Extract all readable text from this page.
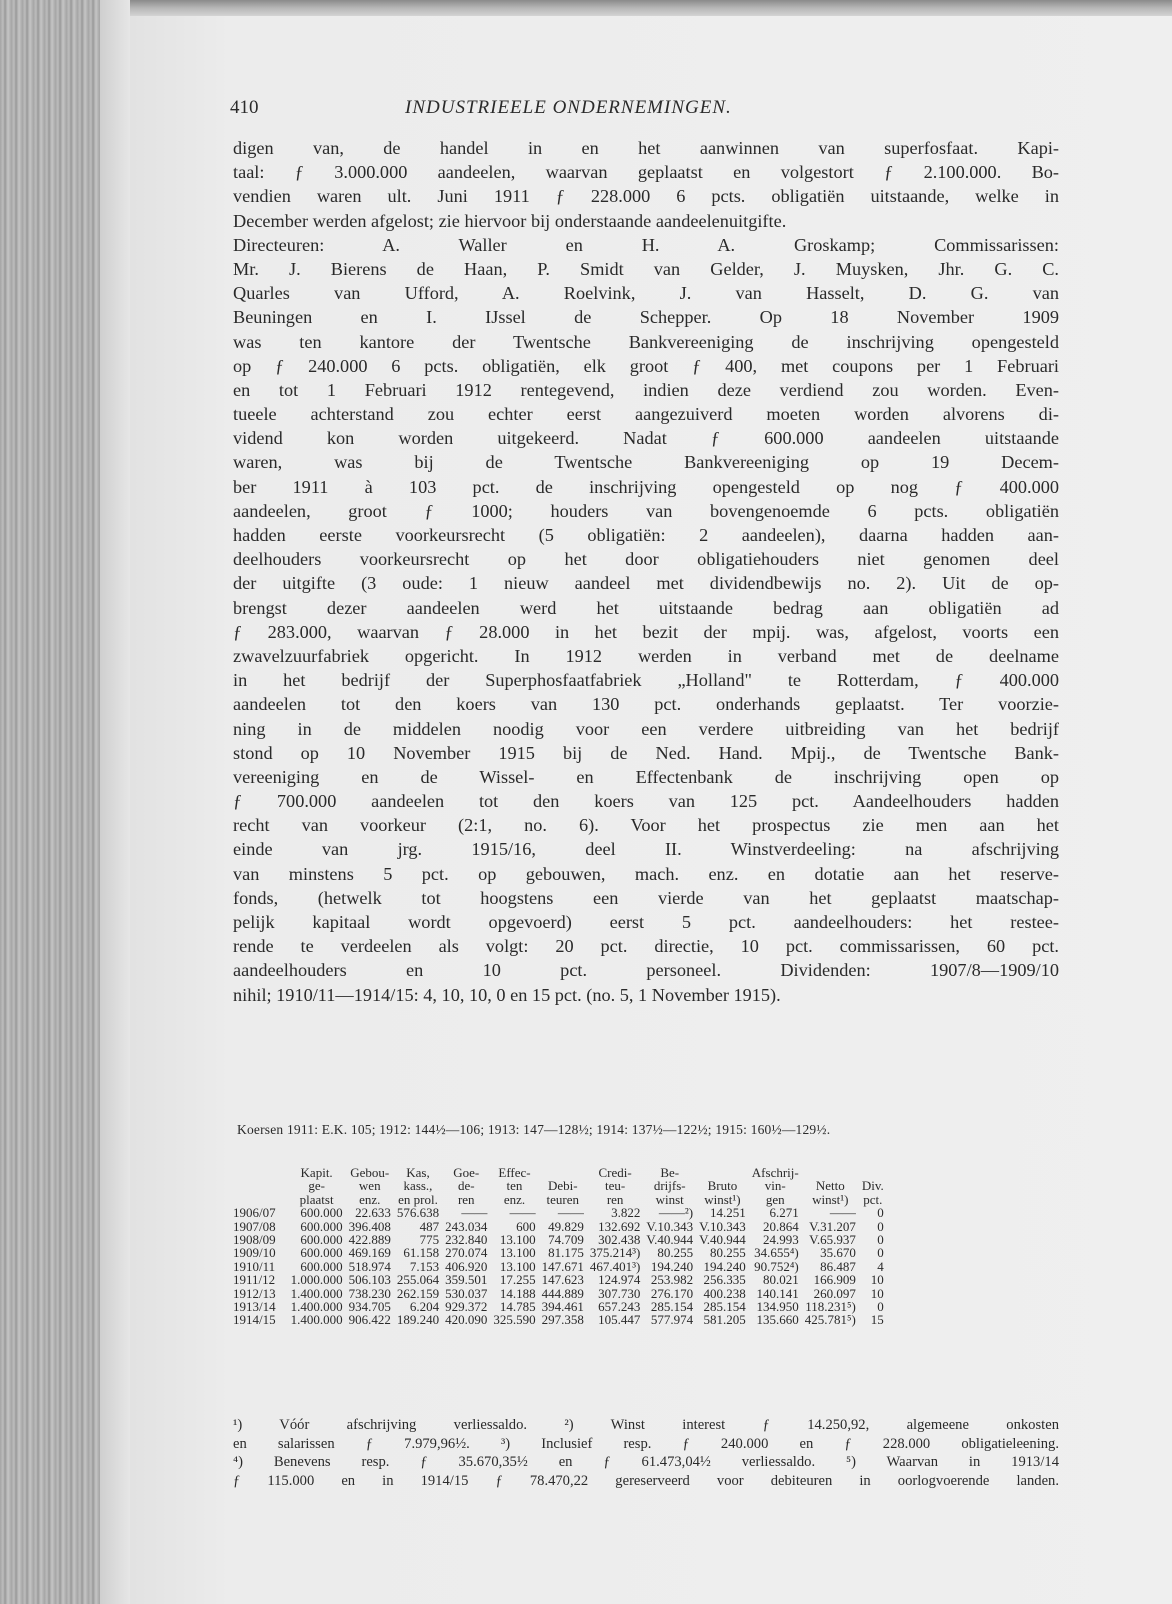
410	INDUSTRIEELE ONDERNEMINGEN.
digen van, de handel in en het aanwinnen van superfosfaat. Kapi-
taal: ƒ 3.000.000 aandeelen, waarvan geplaatst en volgestort ƒ 2.100.000. Bo-
vendien waren ult. Juni 1911 ƒ 228.000 6 pcts. obligatiën uitstaande, welke in
December werden afgelost; zie hiervoor bij onderstaande aandeelenuitgifte.
Directeuren: A. Waller en H. A. Groskamp; Commissarissen:
Mr. J. Bierens de Haan, P. Smidt van Gelder, J. Muysken, Jhr. G. C.
Quarles van Ufford, A. Roelvink, J. van Hasselt, D. G. van
Beuningen en I. IJssel de Schepper. Op 18 November 1909
was ten kantore der Twentsche Bankvereeniging de inschrijving opengesteld
op ƒ 240.000 6 pcts. obligatiën, elk groot ƒ 400, met coupons per 1 Februari
en tot 1 Februari 1912 rentegevend, indien deze verdiend zou worden. Even-
tueele achterstand zou echter eerst aangezuiverd moeten worden alvorens di-
vidend kon worden uitgekeerd. Nadat ƒ 600.000 aandeelen uitstaande
waren, was bij de Twentsche Bankvereeniging op 19 Decem-
ber 1911 à 103 pct. de inschrijving opengesteld op nog ƒ 400.000
aandeelen, groot ƒ 1000; houders van bovengenoemde 6 pcts. obligatiën
hadden eerste voorkeursrecht (5 obligatiën: 2 aandeelen), daarna hadden aan-
deelhouders voorkeursrecht op het door obligatiehouders niet genomen deel
der uitgifte (3 oude: 1 nieuw aandeel met dividendbewijs no. 2). Uit de op-
brengst dezer aandeelen werd het uitstaande bedrag aan obligatiën ad
ƒ 283.000, waarvan ƒ 28.000 in het bezit der mpij. was, afgelost, voorts een
zwavelzuurfabriek opgericht. In 1912 werden in verband met de deelname
in het bedrijf der Superphosfaatfabriek „Holland" te Rotterdam, ƒ 400.000
aandeelen tot den koers van 130 pct. onderhands geplaatst. Ter voorzie-
ning in de middelen noodig voor een verdere uitbreiding van het bedrijf
stond op 10 November 1915 bij de Ned. Hand. Mpij., de Twentsche Bank-
vereeniging en de Wissel- en Effectenbank de inschrijving open op
ƒ 700.000 aandeelen tot den koers van 125 pct. Aandeelhouders hadden
recht van voorkeur (2:1, no. 6). Voor het prospectus zie men aan het
einde van jrg. 1915/16, deel II. Winstverdeeling: na afschrijving
van minstens 5 pct. op gebouwen, mach. enz. en dotatie aan het reserve-
fonds, (hetwelk tot hoogstens een vierde van het geplaatst maatschap-
pelijk kapitaal wordt opgevoerd) eerst 5 pct. aandeelhouders: het restee-
rende te verdeelen als volgt: 20 pct. directie, 10 pct. commissarissen, 60 pct.
aandeelhouders en 10 pct. personeel. Dividenden: 1907/8—1909/10
nihil; 1910/11—1914/15: 4, 10, 10, 0 en 15 pct. (no. 5, 1 November 1915).
Koersen 1911: E.K. 105; 1912: 144½—106; 1913: 147—128½; 1914: 137½—122½; 1915: 160½—129½.
	Kapit.	Gebou-	Kas,	Goe-	Effec-		Credi-	Be-		Afschrij-		
	ge-	wen	kass.,	de-	ten	Debi-	teu-	drijfs-	Bruto	vin-	Netto	Div.
	plaatst	enz.	en prol.	ren	enz.	teuren	ren	winst	winst¹)	gen	winst¹)	pct.
1906/07	600.000	22.633	576.638	——	——	——	3.822	——²)	14.251	6.271	——	0
1907/08	600.000	396.408	487	243.034	600	49.829	132.692	V.10.343	V.10.343	20.864	V.31.207	0
1908/09	600.000	422.889	775	232.840	13.100	74.709	302.438	V.40.944	V.40.944	24.993	V.65.937	0
1909/10	600.000	469.169	61.158	270.074	13.100	81.175	375.214³)	80.255	80.255	34.655⁴)	35.670	0
1910/11	600.000	518.974	7.153	406.920	13.100	147.671	467.401³)	194.240	194.240	90.752⁴)	86.487	4
1911/12	1.000.000	506.103	255.064	359.501	17.255	147.623	124.974	253.982	256.335	80.021	166.909	10
1912/13	1.400.000	738.230	262.159	530.037	14.188	444.889	307.730	276.170	400.238	140.141	260.097	10
1913/14	1.400.000	934.705	6.204	929.372	14.785	394.461	657.243	285.154	285.154	134.950	118.231⁵)	0
1914/15	1.400.000	906.422	189.240	420.090	325.590	297.358	105.447	577.974	581.205	135.660	425.781⁵)	15
¹) Vóór afschrijving verliessaldo. ²) Winst interest ƒ 14.250,92, algemeene onkosten
en salarissen ƒ 7.979,96½. ³) Inclusief resp. ƒ 240.000 en ƒ 228.000 obligatieleening.
⁴) Benevens resp. ƒ 35.670,35½ en ƒ 61.473,04½ verliessaldo. ⁵) Waarvan in 1913/14
ƒ 115.000 en in 1914/15 ƒ 78.470,22 gereserveerd voor debiteuren in oorlogvoerende landen.
